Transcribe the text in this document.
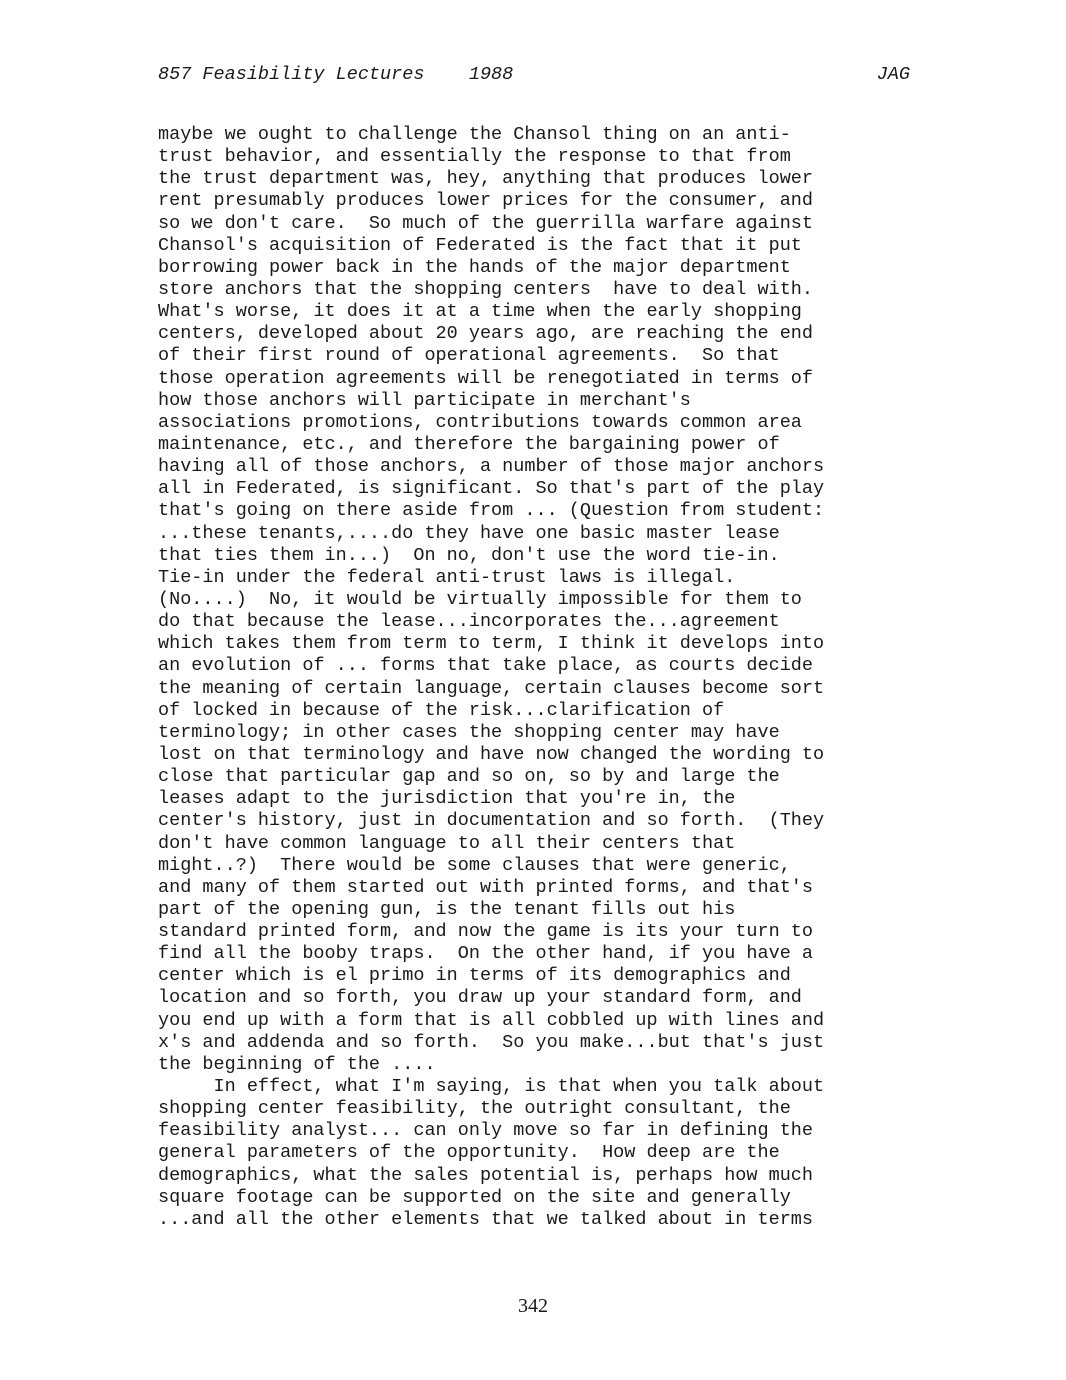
857 Feasibility Lectures    1988	JAG
maybe we ought to challenge the Chansol thing on an anti-
trust behavior, and essentially the response to that from
the trust department was, hey, anything that produces lower
rent presumably produces lower prices for the consumer, and
so we don't care.  So much of the guerrilla warfare against
Chansol's acquisition of Federated is the fact that it put
borrowing power back in the hands of the major department
store anchors that the shopping centers  have to deal with.
What's worse, it does it at a time when the early shopping
centers, developed about 20 years ago, are reaching the end
of their first round of operational agreements.  So that
those operation agreements will be renegotiated in terms of
how those anchors will participate in merchant's
associations promotions, contributions towards common area
maintenance, etc., and therefore the bargaining power of
having all of those anchors, a number of those major anchors
all in Federated, is significant. So that's part of the play
that's going on there aside from ... (Question from student:
...these tenants,....do they have one basic master lease
that ties them in...)  On no, don't use the word tie-in.
Tie-in under the federal anti-trust laws is illegal.
(No....)  No, it would be virtually impossible for them to
do that because the lease...incorporates the...agreement
which takes them from term to term, I think it develops into
an evolution of ... forms that take place, as courts decide
the meaning of certain language, certain clauses become sort
of locked in because of the risk...clarification of
terminology; in other cases the shopping center may have
lost on that terminology and have now changed the wording to
close that particular gap and so on, so by and large the
leases adapt to the jurisdiction that you're in, the
center's history, just in documentation and so forth.  (They
don't have common language to all their centers that
might..?)  There would be some clauses that were generic,
and many of them started out with printed forms, and that's
part of the opening gun, is the tenant fills out his
standard printed form, and now the game is its your turn to
find all the booby traps.  On the other hand, if you have a
center which is el primo in terms of its demographics and
location and so forth, you draw up your standard form, and
you end up with a form that is all cobbled up with lines and
x's and addenda and so forth.  So you make...but that's just
the beginning of the ....
In effect, what I'm saying, is that when you talk about
shopping center feasibility, the outright consultant, the
feasibility analyst... can only move so far in defining the
general parameters of the opportunity.  How deep are the
demographics, what the sales potential is, perhaps how much
square footage can be supported on the site and generally
...and all the other elements that we talked about in terms
342
